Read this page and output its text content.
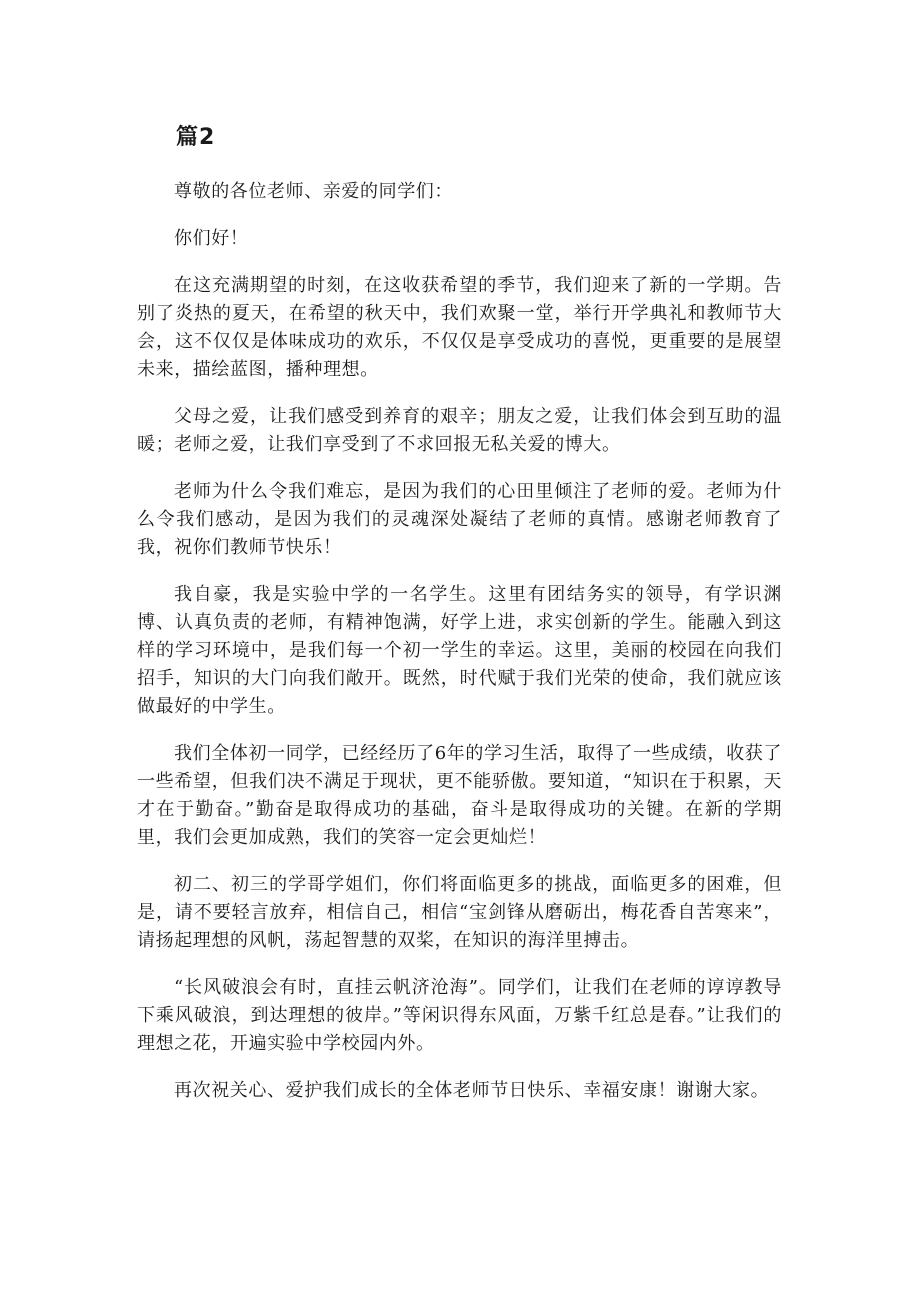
篇2

尊敬的各位老师、亲爱的同学们：

你们好！

在这充满期望的时刻，在这收获希望的季节，我们迎来了新的一学期。告别了炎热的夏天，在希望的秋天中，我们欢聚一堂，举行开学典礼和教师节大会，这不仅仅是体味成功的欢乐，不仅仅是享受成功的喜悦，更重要的是展望未来，描绘蓝图，播种理想。

父母之爱，让我们感受到养育的艰辛；朋友之爱，让我们体会到互助的温暖；老师之爱，让我们享受到了不求回报无私关爱的博大。

老师为什么令我们难忘，是因为我们的心田里倾注了老师的爱。老师为什么令我们感动，是因为我们的灵魂深处凝结了老师的真情。感谢老师教育了我，祝你们教师节快乐！

我自豪，我是实验中学的一名学生。这里有团结务实的领导，有学识渊博、认真负责的老师，有精神饱满，好学上进，求实创新的学生。能融入到这样的学习环境中，是我们每一个初一学生的幸运。这里，美丽的校园在向我们招手，知识的大门向我们敞开。既然，时代赋于我们光荣的使命，我们就应该做最好的中学生。

我们全体初一同学，已经经历了6年的学习生活，取得了一些成绩，收获了一些希望，但我们决不满足于现状，更不能骄傲。要知道，“知识在于积累，天才在于勤奋。”勤奋是取得成功的基础，奋斗是取得成功的关键。在新的学期里，我们会更加成熟，我们的笑容一定会更灿烂！

初二、初三的学哥学姐们，你们将面临更多的挑战，面临更多的困难，但是，请不要轻言放弃，相信自己，相信“宝剑锋从磨砺出，梅花香自苦寒来”，请扬起理想的风帆，荡起智慧的双桨，在知识的海洋里搏击。

“长风破浪会有时，直挂云帆济沧海”。同学们，让我们在老师的谆谆教导下乘风破浪，到达理想的彼岸。”等闲识得东风面，万紫千红总是春。”让我们的理想之花，开遍实验中学校园内外。

再次祝关心、爱护我们成长的全体老师节日快乐、幸福安康！谢谢大家。
